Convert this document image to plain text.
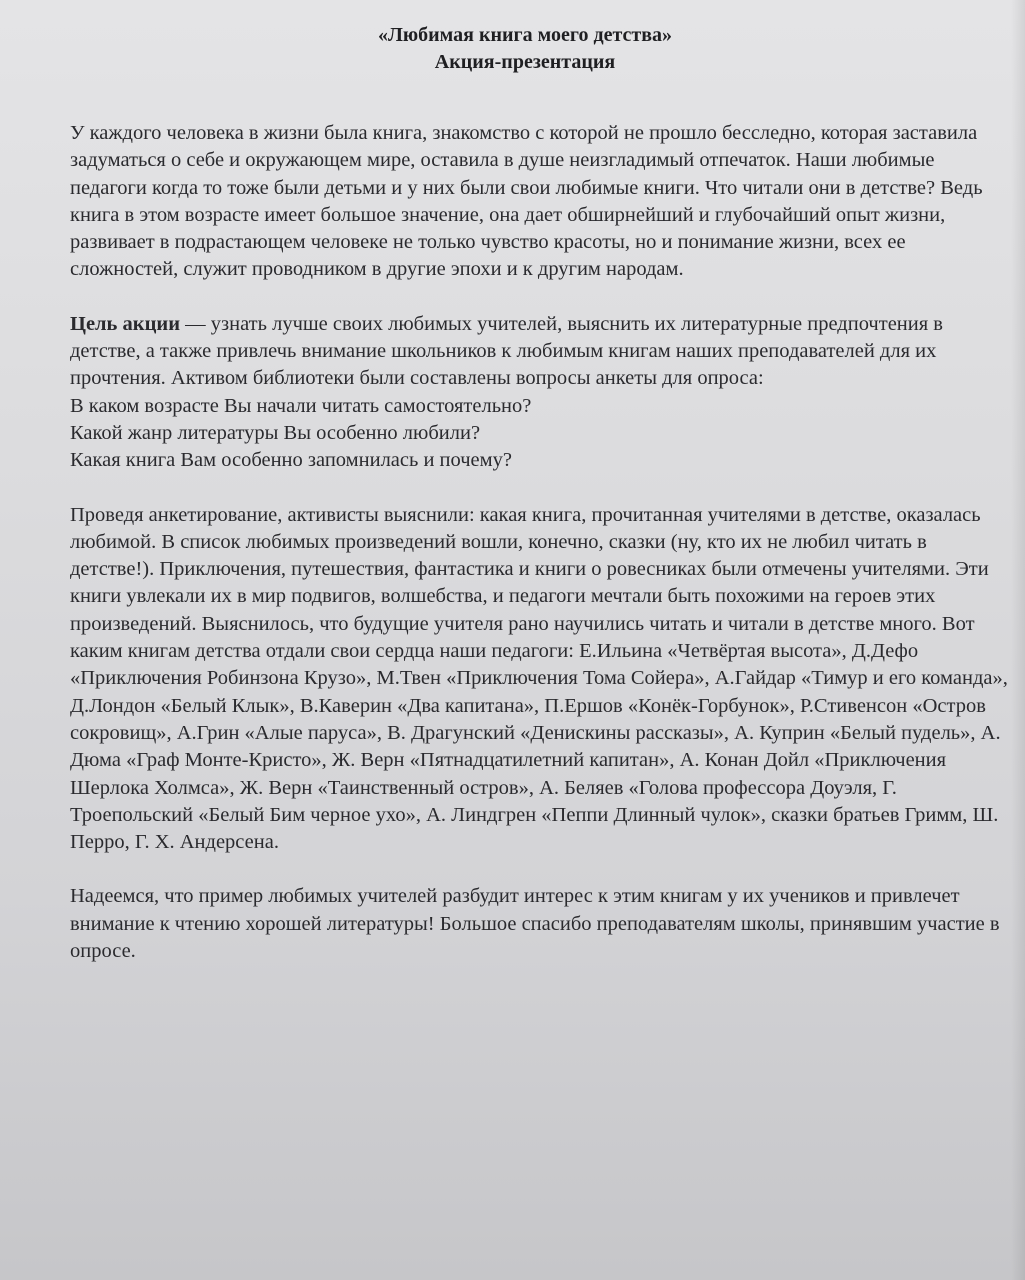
«Любимая книга моего детства»
Акция-презентация

У каждого человека в жизни была книга, знакомство с которой не прошло бесследно, которая заставила задуматься о себе и окружающем мире, оставила в душе неизгладимый отпечаток. Наши любимые педагоги когда то тоже были детьми и у них были свои любимые книги. Что читали они в детстве? Ведь книга в этом возрасте имеет большое значение, она дает обширнейший и глубочайший опыт жизни, развивает в подрастающем человеке не только чувство красоты, но и понимание жизни, всех ее сложностей, служит проводником в другие эпохи и к другим народам.

Цель акции — узнать лучше своих любимых учителей, выяснить их литературные предпочтения в детстве, а также привлечь внимание школьников к любимым книгам наших преподавателей для их прочтения. Активом библиотеки были составлены вопросы анкеты для опроса:

В каком возрасте Вы начали читать самостоятельно?
Какой жанр литературы Вы особенно любили?
Какая книга Вам особенно запомнилась и почему?

Проведя анкетирование, активисты выяснили: какая книга, прочитанная учителями в детстве, оказалась любимой. В список любимых произведений вошли, конечно, сказки (ну, кто их не любил читать в детстве!). Приключения, путешествия, фантастика и книги о ровесниках были отмечены учителями. Эти книги увлекали их в мир подвигов, волшебства, и педагоги мечтали быть похожими на героев этих произведений. Выяснилось, что будущие учителя рано научились читать и читали в детстве много. Вот каким книгам детства отдали свои сердца наши педагоги: Е.Ильина «Четвёртая высота», Д.Дефо «Приключения Робинзона Крузо», М.Твен «Приключения Тома Сойера», А.Гайдар «Тимур и его команда», Д.Лондон «Белый Клык», В.Каверин «Два капитана», П.Ершов «Конёк-Горбунок», Р.Стивенсон «Остров сокровищ», А.Грин «Алые паруса», В. Драгунский «Денискины рассказы», А. Куприн «Белый пудель», А. Дюма «Граф Монте-Кристо», Ж. Верн «Пятнадцатилетний капитан», А. Конан Дойл «Приключения Шерлока Холмса», Ж. Верн «Таинственный остров», А. Беляев «Голова профессора Доуэля, Г. Троепольский «Белый Бим черное ухо», А. Линдгрен «Пеппи Длинный чулок», сказки братьев Гримм, Ш. Перро, Г. Х. Андерсена.

Надеемся, что пример любимых учителей разбудит интерес к этим книгам у их учеников и привлечет внимание к чтению хорошей литературы! Большое спасибо преподавателям школы, принявшим участие в опросе.
